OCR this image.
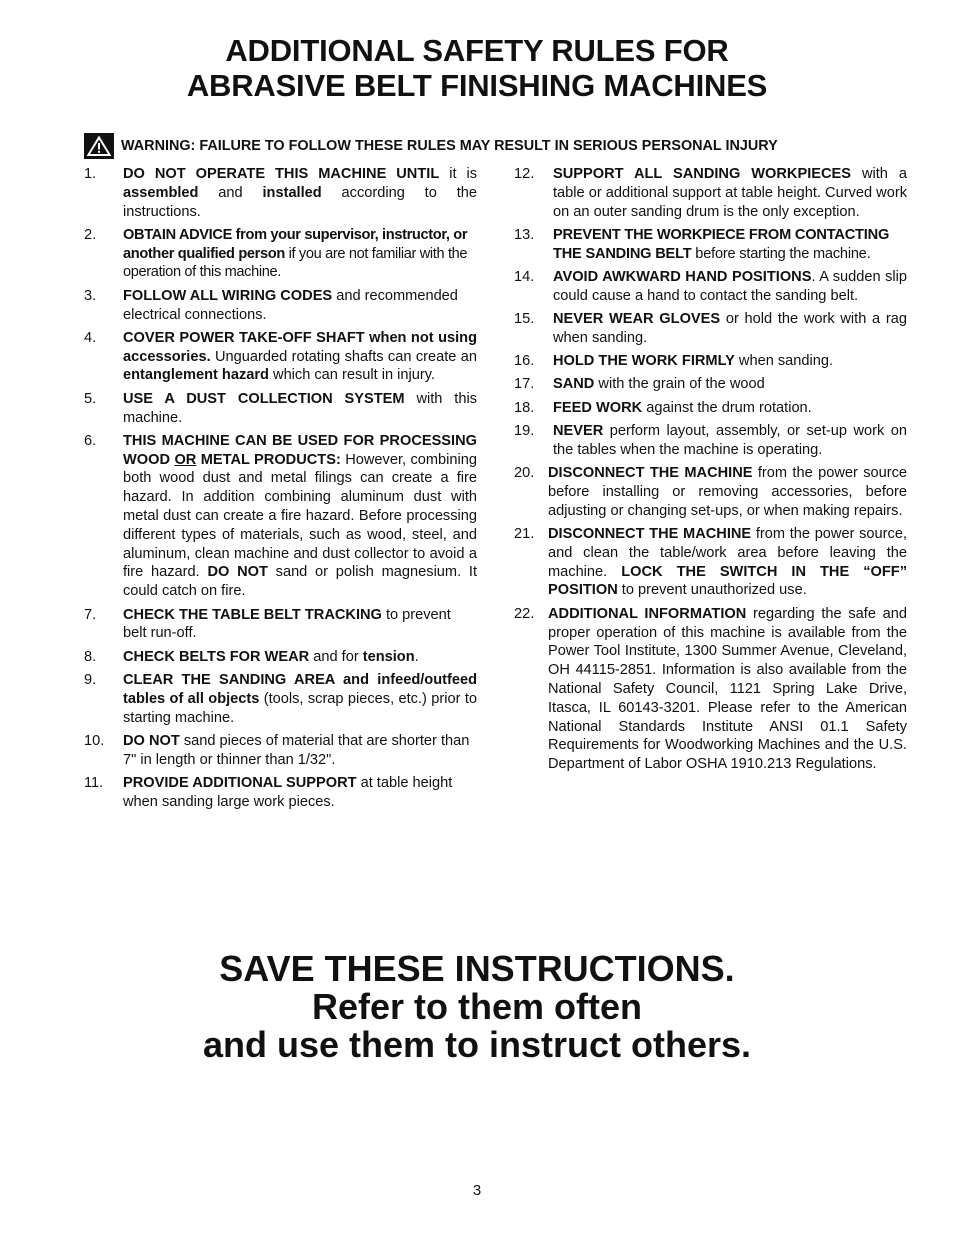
ADDITIONAL SAFETY RULES FOR
ABRASIVE BELT FINISHING MACHINES
WARNING: FAILURE TO FOLLOW THESE RULES MAY RESULT IN SERIOUS PERSONAL INJURY
1.	DO NOT OPERATE THIS MACHINE UNTIL it is assembled and installed according to the instructions.
2.	OBTAIN ADVICE from your supervisor, instructor, or another qualified person if you are not familiar with the operation of this machine.
3.	FOLLOW ALL WIRING CODES and recommended electrical connections.
4.	COVER POWER TAKE-OFF SHAFT when not using accessories. Unguarded rotating shafts can create an entanglement hazard which can result in injury.
5.	USE A DUST COLLECTION SYSTEM with this machine.
6.	THIS MACHINE CAN BE USED FOR PROCESSING WOOD OR METAL PRODUCTS: However, combining both wood dust and metal filings can create a fire hazard. In addition combining aluminum dust with metal dust can create a fire hazard. Before processing different types of materials, such as wood, steel, and aluminum, clean machine and dust collector to avoid a fire hazard. DO NOT sand or polish magnesium. It could catch on fire.
7.	CHECK THE TABLE BELT TRACKING to prevent belt run-off.
8.	CHECK BELTS FOR WEAR and for tension.
9.	CLEAR THE SANDING AREA and infeed/outfeed tables of all objects (tools, scrap pieces, etc.) prior to starting machine.
10.	DO NOT sand pieces of material that are shorter than 7" in length or thinner than 1/32".
11.	PROVIDE ADDITIONAL SUPPORT at table height when sanding large work pieces.
12.	SUPPORT ALL SANDING WORKPIECES with a table or additional support at table height. Curved work on an outer sanding drum is the only exception.
13.	PREVENT THE WORKPIECE FROM CONTACTING THE SANDING BELT before starting the machine.
14.	AVOID AWKWARD HAND POSITIONS. A sudden slip could cause a hand to contact the sanding belt.
15.	NEVER WEAR GLOVES or hold the work with a rag when sanding.
16.	HOLD THE WORK FIRMLY when sanding.
17.	SAND with the grain of the wood
18.	FEED WORK against the drum rotation.
19.	NEVER perform layout, assembly, or set-up work on the tables when the machine is operating.
20. DISCONNECT THE MACHINE from the power source before installing or removing accessories, before adjusting or changing set-ups, or when making repairs.
21. DISCONNECT THE MACHINE from the power source, and clean the table/work area before leaving the machine. LOCK THE SWITCH IN THE “OFF” POSITION to prevent unauthorized use.
22. ADDITIONAL INFORMATION regarding the safe and proper operation of this machine is available from the Power Tool Institute, 1300 Summer Avenue, Cleveland, OH 44115-2851. Information is also available from the National Safety Council, 1121 Spring Lake Drive, Itasca, IL 60143-3201. Please refer to the American National Standards Institute ANSI 01.1 Safety Requirements for Woodworking Machines and the U.S. Department of Labor OSHA 1910.213 Regulations.
SAVE THESE INSTRUCTIONS.
Refer to them often
and use them to instruct others.
3
